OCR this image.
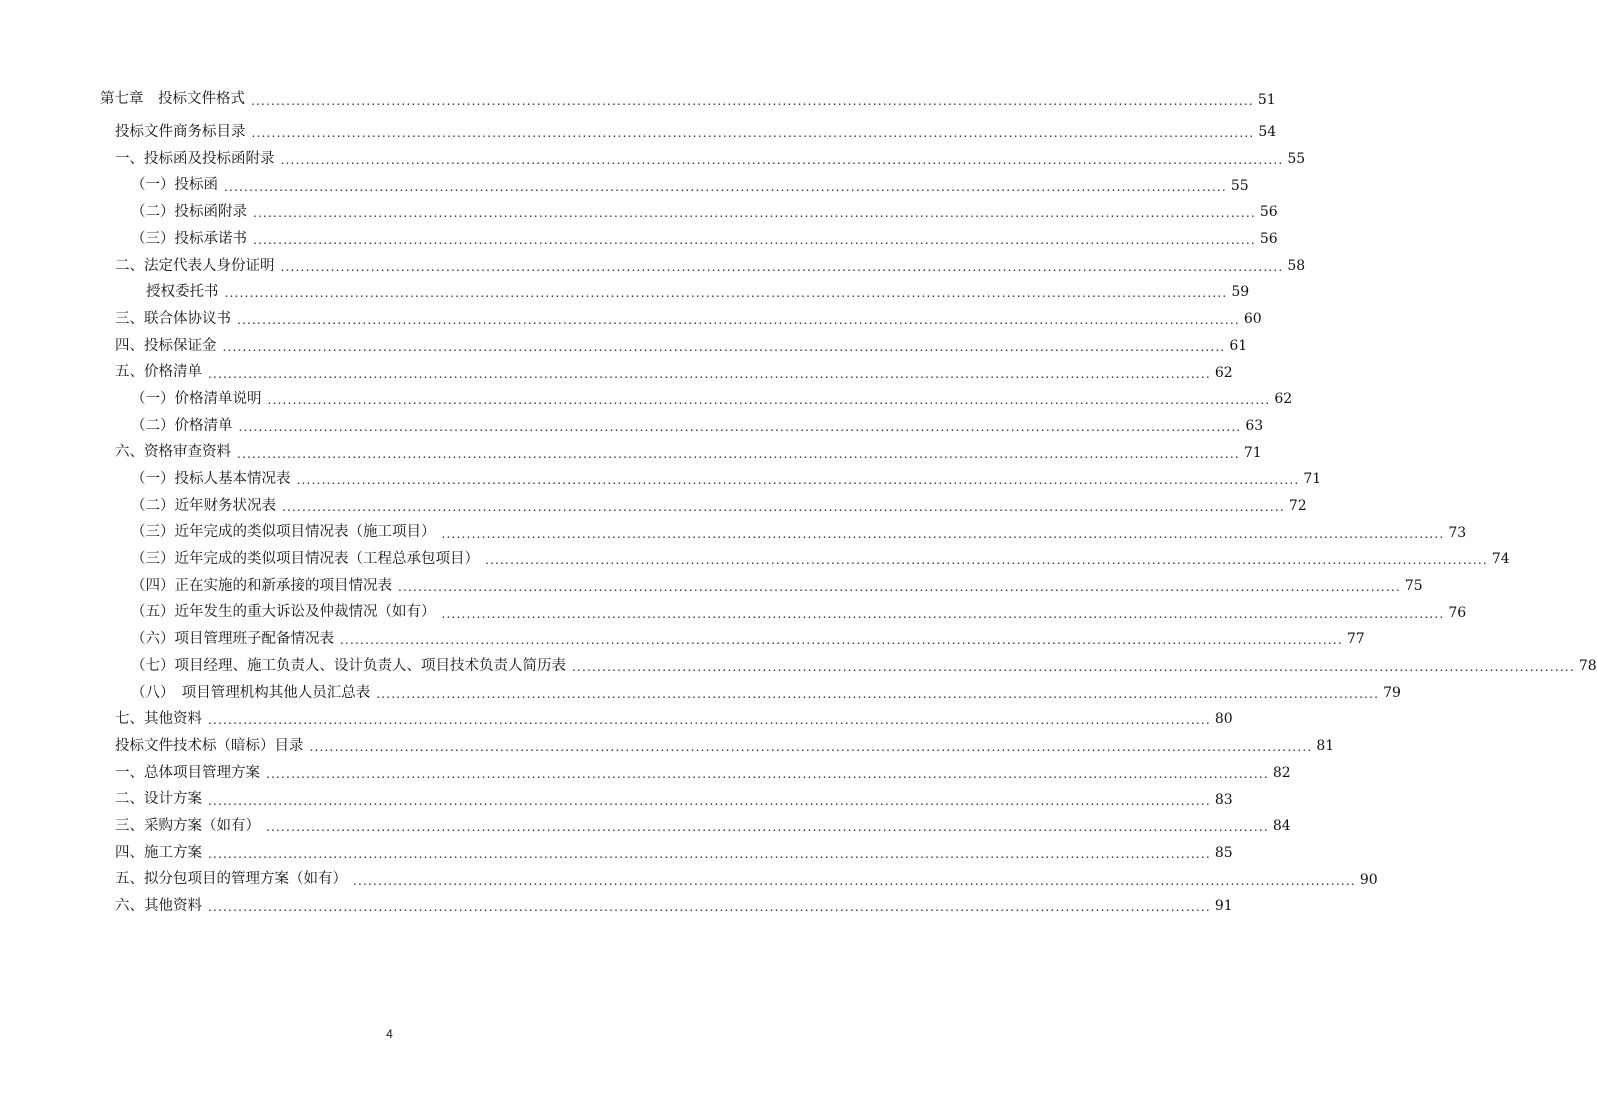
第七章　投标文件格式 ........................................................................................................................................................................................................ 51
投标文件商务标目录 ........................................................................................................................................................................................................ 54
一、投标函及投标函附录 ........................................................................................................................................................................................................ 55
（一）投标函 ........................................................................................................................................................................................................ 55
（二）投标函附录 ........................................................................................................................................................................................................ 56
（三）投标承诺书 ........................................................................................................................................................................................................ 56
二、法定代表人身份证明 ........................................................................................................................................................................................................ 58
授权委托书 ........................................................................................................................................................................................................ 59
三、联合体协议书 ........................................................................................................................................................................................................ 60
四、投标保证金 ........................................................................................................................................................................................................ 61
五、价格清单 ........................................................................................................................................................................................................ 62
（一）价格清单说明 ........................................................................................................................................................................................................ 62
（二）价格清单 ........................................................................................................................................................................................................ 63
六、资格审查资料 ........................................................................................................................................................................................................ 71
（一）投标人基本情况表 ........................................................................................................................................................................................................ 71
（二）近年财务状况表 ........................................................................................................................................................................................................ 72
（三）近年完成的类似项目情况表（施工项目） ........................................................................................................................................................................................................ 73
（三）近年完成的类似项目情况表（工程总承包项目） ........................................................................................................................................................................................................ 74
（四）正在实施的和新承接的项目情况表 ........................................................................................................................................................................................................ 75
（五）近年发生的重大诉讼及仲裁情况（如有） ........................................................................................................................................................................................................ 76
（六）项目管理班子配备情况表 ........................................................................................................................................................................................................ 77
（七）项目经理、施工负责人、设计负责人、项目技术负责人简历表 ........................................................................................................................................................................................................ 78
（八）　项目管理机构其他人员汇总表 ........................................................................................................................................................................................................ 79
七、其他资料 ........................................................................................................................................................................................................ 80
投标文件技术标（暗标）目录 ........................................................................................................................................................................................................ 81
一、总体项目管理方案 ........................................................................................................................................................................................................ 82
二、设计方案 ........................................................................................................................................................................................................ 83
三、采购方案（如有） ........................................................................................................................................................................................................ 84
四、施工方案 ........................................................................................................................................................................................................ 85
五、拟分包项目的管理方案（如有） ........................................................................................................................................................................................................ 90
六、其他资料 ........................................................................................................................................................................................................ 91
4
